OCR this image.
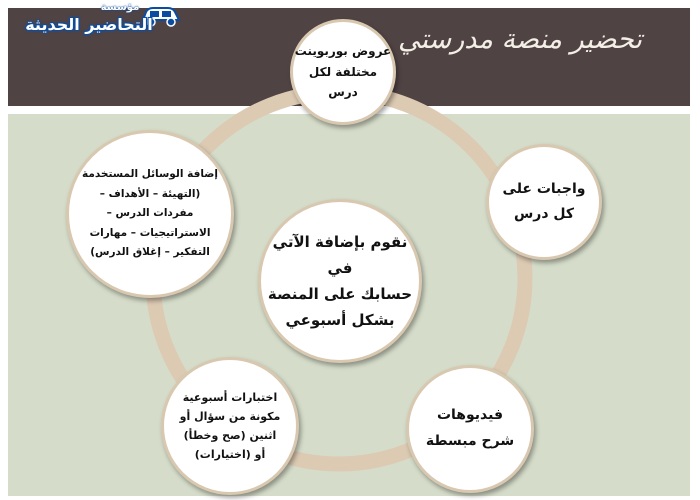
تحضير منصة مدرستي
مؤسسة
التحاضير الحديثة
نقوم بإضافة الآتي في
حسابك على المنصة
بشكل أسبوعي
عروض بوربوينت
مختلفة لكل درس
واجبات على
كل درس
فيديوهات
شرح مبسطة
اختبارات أسبوعية
مكونة من سؤال أو
اثنين (صح وخطأ)
أو (اختيارات)
إضافة الوسائل المستخدمة
(التهيئة – الأهداف –
مفردات الدرس –
الاستراتيجيات – مهارات
التفكير – إغلاق الدرس)
